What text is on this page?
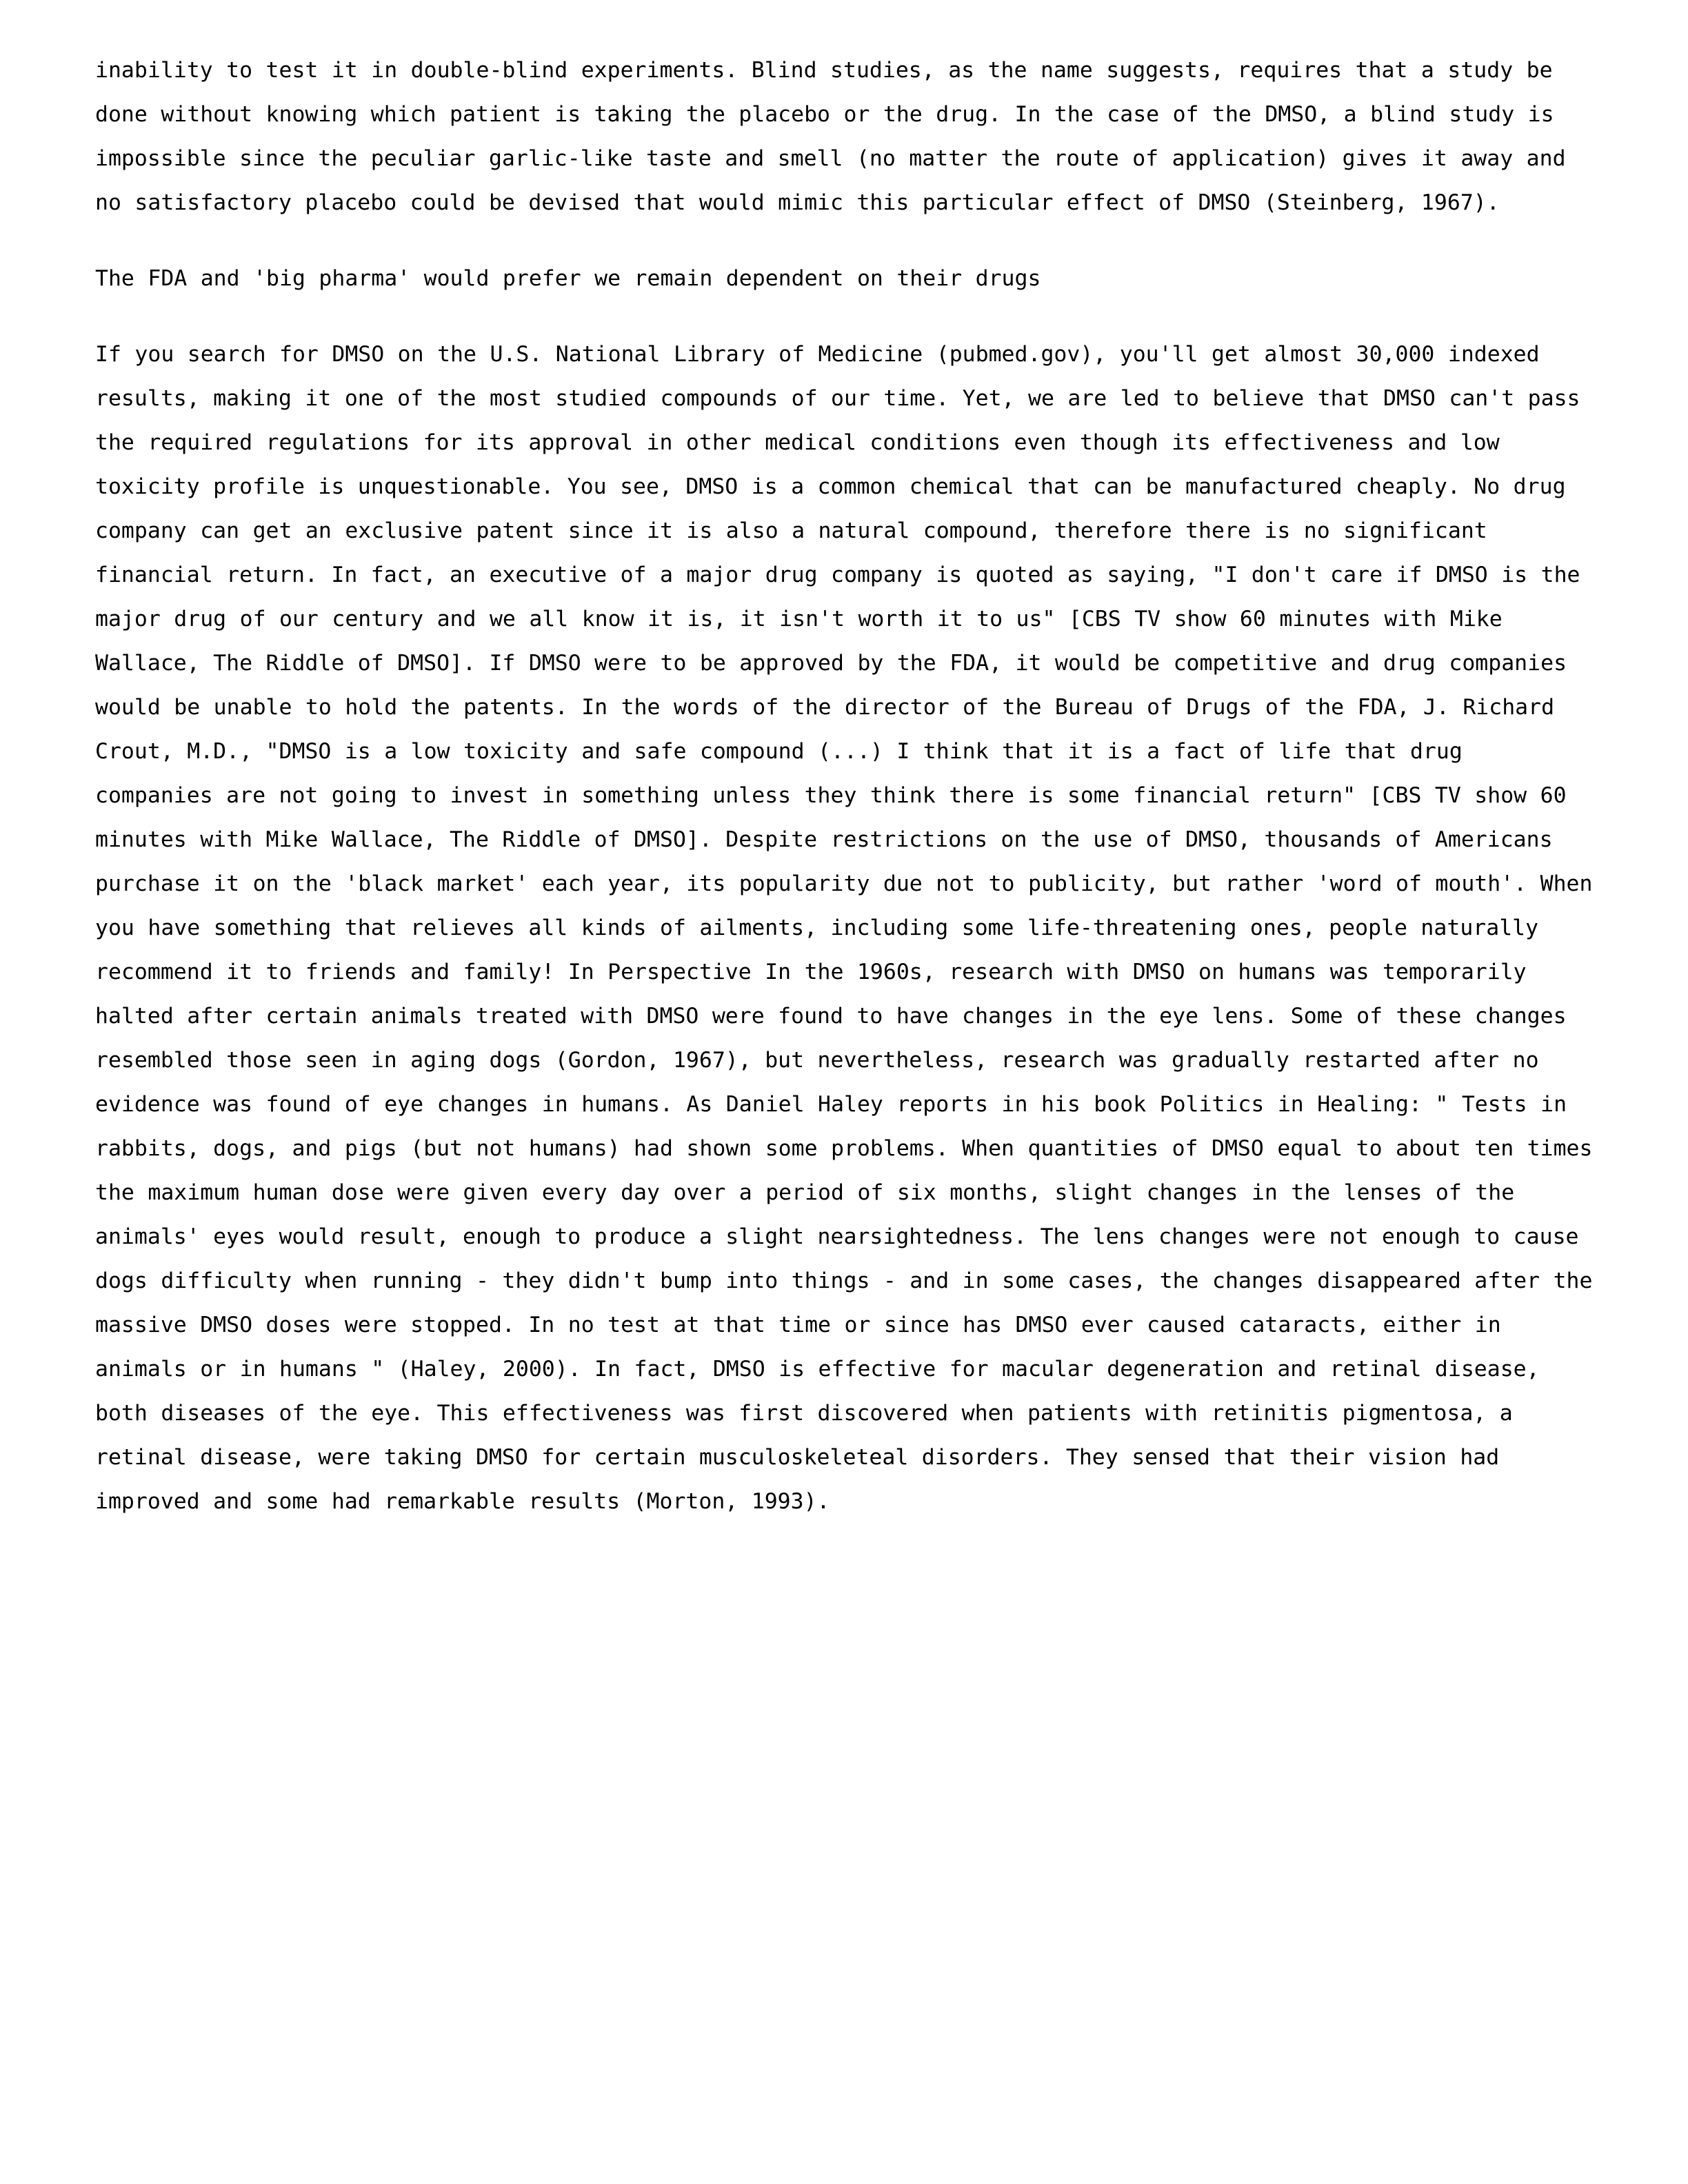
inability to test it in double-blind experiments. Blind studies, as the name suggests, requires that a study be done without knowing which patient is taking the placebo or the drug. In the case of the DMSO, a blind study is impossible since the peculiar garlic-like taste and smell (no matter the route of application) gives it away and no satisfactory placebo could be devised that would mimic this particular effect of DMSO (Steinberg, 1967).

The FDA and 'big pharma' would prefer we remain dependent on their drugs

If you search for DMSO on the U.S. National Library of Medicine (pubmed.gov), you'll get almost 30,000 indexed results, making it one of the most studied compounds of our time. Yet, we are led to believe that DMSO can't pass the required regulations for its approval in other medical conditions even though its effectiveness and low toxicity profile is unquestionable. You see, DMSO is a common chemical that can be manufactured cheaply. No drug company can get an exclusive patent since it is also a natural compound, therefore there is no significant financial return. In fact, an executive of a major drug company is quoted as saying, "I don't care if DMSO is the major drug of our century and we all know it is, it isn't worth it to us" [CBS TV show 60 minutes with Mike Wallace, The Riddle of DMSO]. If DMSO were to be approved by the FDA, it would be competitive and drug companies would be unable to hold the patents. In the words of the director of the Bureau of Drugs of the FDA, J. Richard Crout, M.D., "DMSO is a low toxicity and safe compound (...) I think that it is a fact of life that drug companies are not going to invest in something unless they think there is some financial return" [CBS TV show 60 minutes with Mike Wallace, The Riddle of DMSO]. Despite restrictions on the use of DMSO, thousands of Americans purchase it on the 'black market' each year, its popularity due not to publicity, but rather 'word of mouth'. When you have something that relieves all kinds of ailments, including some life-threatening ones, people naturally recommend it to friends and family! In Perspective In the 1960s, research with DMSO on humans was temporarily halted after certain animals treated with DMSO were found to have changes in the eye lens. Some of these changes resembled those seen in aging dogs (Gordon, 1967), but nevertheless, research was gradually restarted after no evidence was found of eye changes in humans. As Daniel Haley reports in his book Politics in Healing: " Tests in rabbits, dogs, and pigs (but not humans) had shown some problems. When quantities of DMSO equal to about ten times the maximum human dose were given every day over a period of six months, slight changes in the lenses of the animals' eyes would result, enough to produce a slight nearsightedness. The lens changes were not enough to cause dogs difficulty when running - they didn't bump into things - and in some cases, the changes disappeared after the massive DMSO doses were stopped. In no test at that time or since has DMSO ever caused cataracts, either in animals or in humans " (Haley, 2000). In fact, DMSO is effective for macular degeneration and retinal disease, both diseases of the eye. This effectiveness was first discovered when patients with retinitis pigmentosa, a retinal disease, were taking DMSO for certain musculoskeleteal disorders. They sensed that their vision had improved and some had remarkable results (Morton, 1993).
